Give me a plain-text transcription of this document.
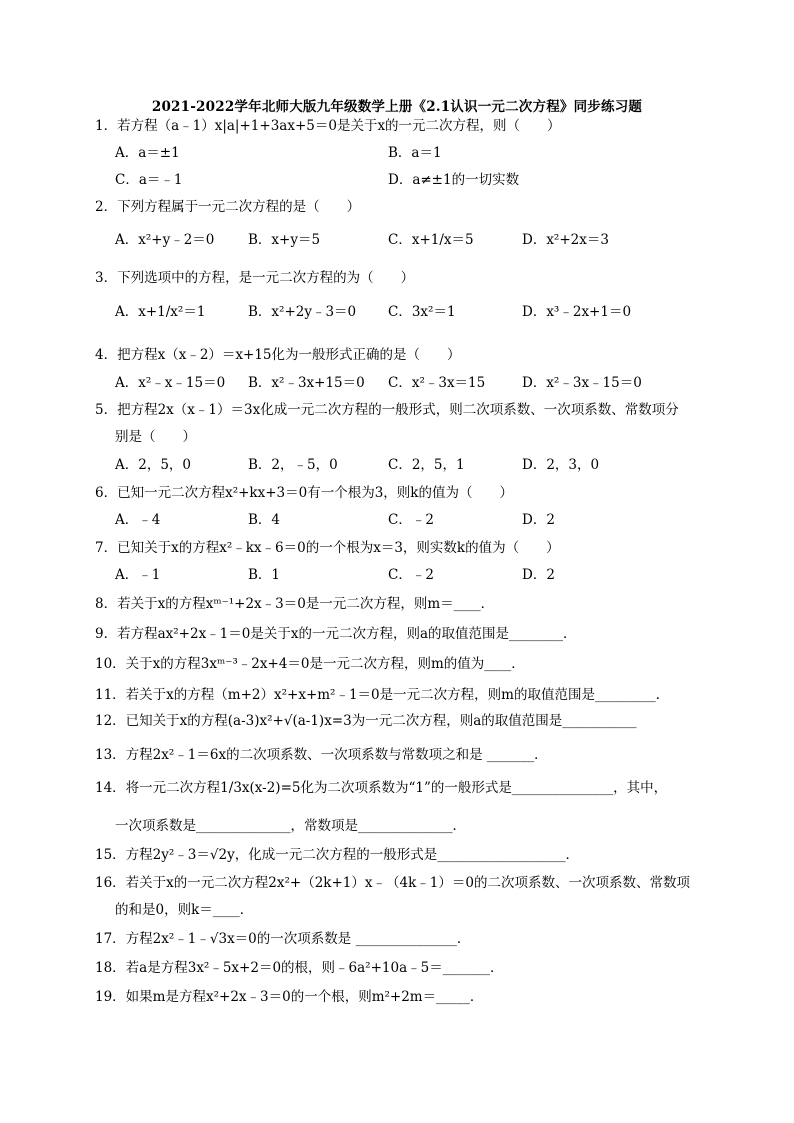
2021-2022学年北师大版九年级数学上册《2.1认识一元二次方程》同步练习题
1．若方程（a﹣1）x|a|+1+3ax+5＝0是关于x的一元二次方程，则（　　）
A．a＝±1	B．a＝1
C．a＝﹣1	D．a≠±1的一切实数
2．下列方程属于一元二次方程的是（　　）
A．x²+y﹣2＝0 B．x+y＝5	C．x+1/x＝5	D．x²+2x＝3
3．下列选项中的方程，是一元二次方程的为（　　）
A．x+1/x²＝1	B．x²+2y﹣3＝0 C．3x²＝1	D．x³﹣2x+1＝0
4．把方程x（x﹣2）＝x+15化为一般形式正确的是（　　）
A．x²﹣x﹣15＝0 B．x²﹣3x+15＝0 C．x²﹣3x＝15	D．x²﹣3x﹣15＝0
5．把方程2x（x﹣1）＝3x化成一元二次方程的一般形式，则二次项系数、一次项系数、常数项分
别是（　　）
A．2，5，0	B．2，﹣5，0	C．2，5，1	D．2，3，0
6．已知一元二次方程x²+kx+3＝0有一个根为3，则k的值为（　　）
A．﹣4	B．4	C．﹣2	D．2
7．已知关于x的方程x²﹣kx﹣6＝0的一个根为x＝3，则实数k的值为（　　）
A．﹣1	B．1	C．﹣2	D．2
8．若关于x的方程xᵐ⁻¹+2x﹣3＝0是一元二次方程，则m＝____．
9．若方程ax²+2x﹣1＝0是关于x的一元二次方程，则a的取值范围是________．
10．关于x的方程3xᵐ⁻³﹣2x+4＝0是一元二次方程，则m的值为____．
11．若关于x的方程（m+2）x²+x+m²﹣1＝0是一元二次方程，则m的取值范围是_________．
12．已知关于x的方程(a-3)x²+√(a-1)x=3为一元二次方程，则a的取值范围是___________
13．方程2x²﹣1＝6x的二次项系数、一次项系数与常数项之和是 _______．
14．将一元二次方程1/3x(x-2)=5化为二次项系数为“1”的一般形式是_______________，其中，
一次项系数是______________，常数项是______________．
15．方程2y²﹣3＝√2y，化成一元二次方程的一般形式是___________________．
16．若关于x的一元二次方程2x²+（2k+1）x﹣（4k﹣1）＝0的二次项系数、一次项系数、常数项
的和是0，则k＝____．
17．方程2x²﹣1﹣√3x＝0的一次项系数是 _______________．
18．若a是方程3x²﹣5x+2＝0的根，则﹣6a²+10a﹣5＝_______．
19．如果m是方程x²+2x﹣3＝0的一个根，则m²+2m＝_____．
